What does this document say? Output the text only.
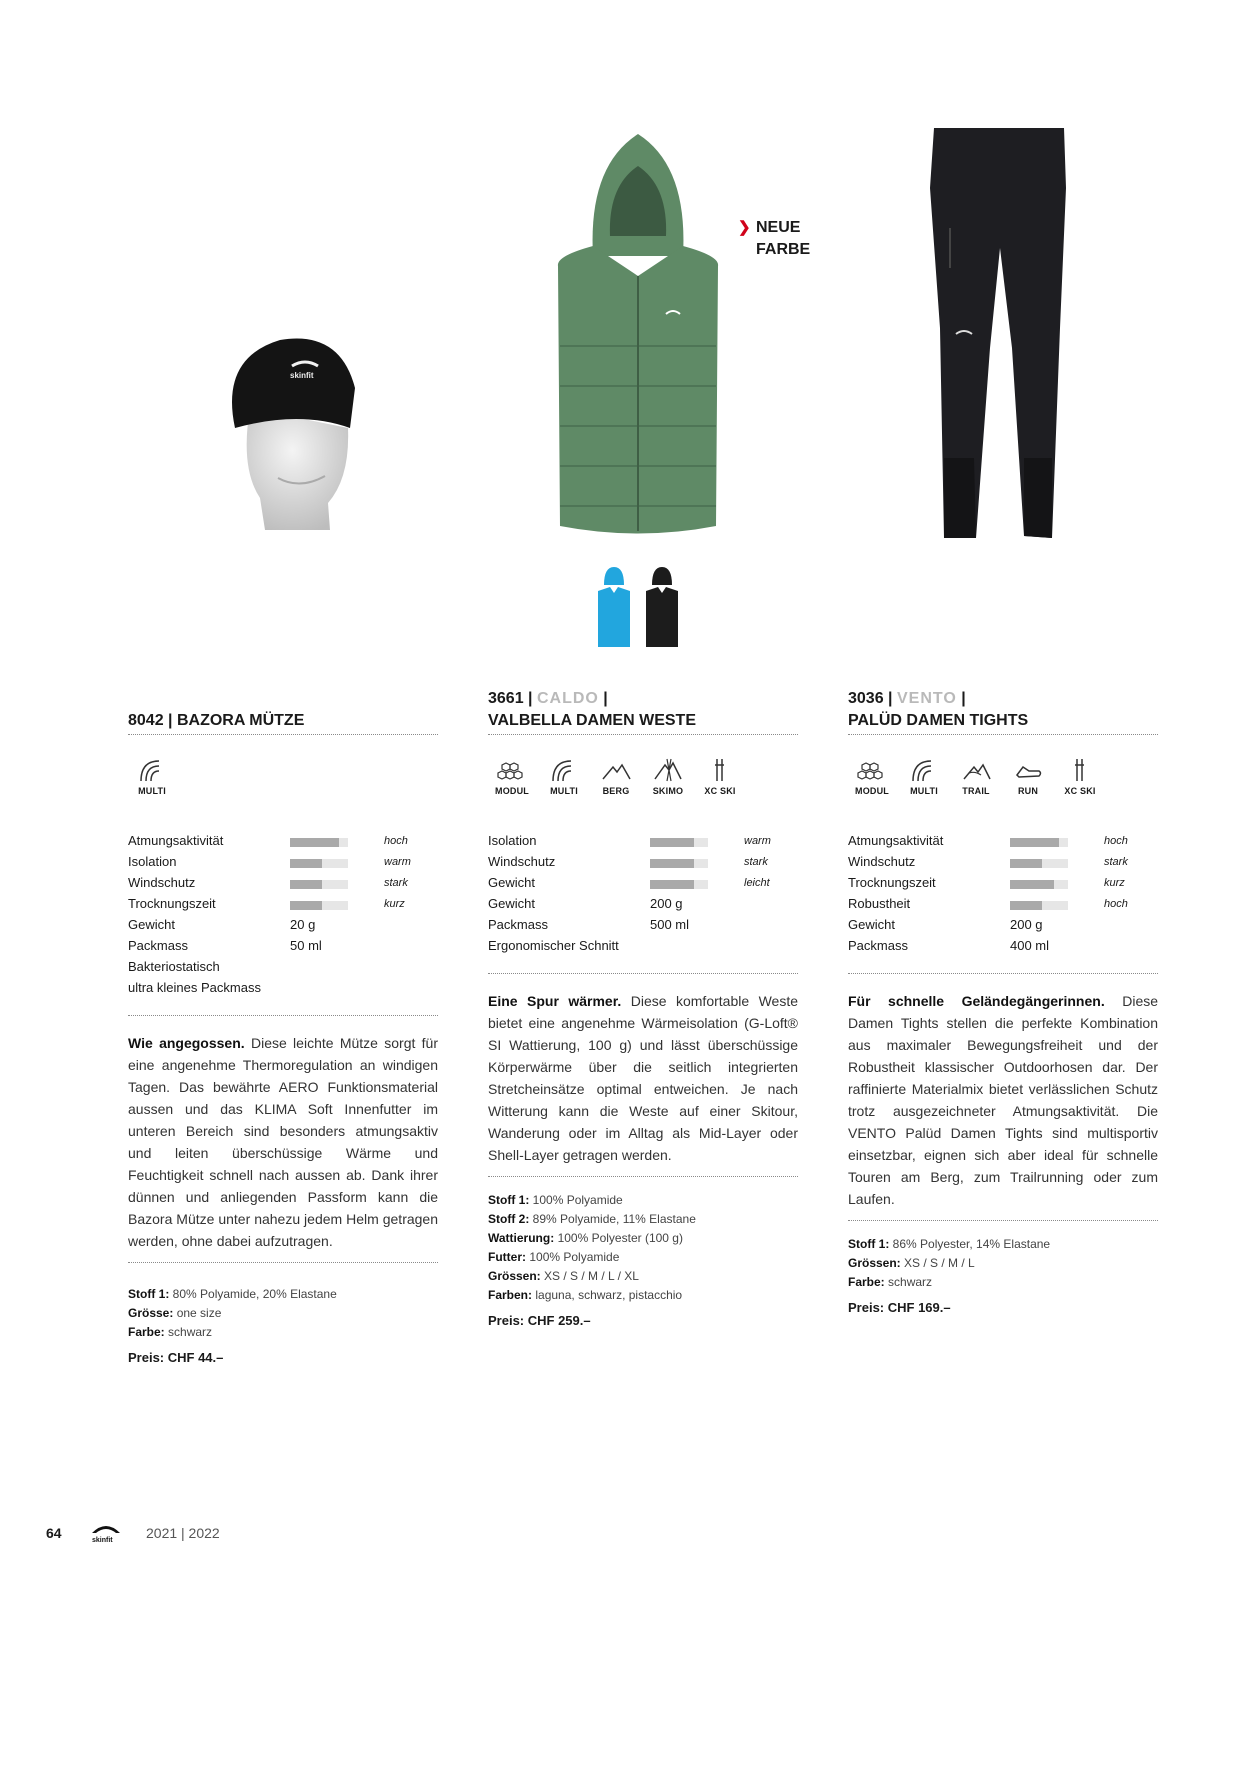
skinfit
❯ NEUE
FARBE
8042 | BAZORA MÜTZE
MULTI
Atmungsaktivität	hoch
Isolation	warm
Windschutz	stark
Trocknungszeit	kurz
Gewicht	20 g
Packmass	50 ml
Bakteriostatisch
ultra kleines Packmass
Wie angegossen. Diese leichte Mütze sorgt für eine angenehme Thermoregulation an windigen Tagen. Das bewährte AERO Funktionsmaterial aussen und das KLIMA Soft Innenfutter im unteren Bereich sind besonders atmungsaktiv und leiten überschüssige Wärme und Feuchtigkeit schnell nach aussen ab. Dank ihrer dünnen und anliegenden Passform kann die Bazora Mütze unter nahezu jedem Helm getragen werden, ohne dabei aufzutragen.
Stoff 1: 80% Polyamide, 20% Elastane
Grösse: one size
Farbe: schwarz
Preis: CHF 44.–
3661 | CALDO |
VALBELLA DAMEN WESTE
MODUL	MULTI	BERG	SKIMO	XC SKI
Isolation	warm
Windschutz	stark
Gewicht	leicht
Gewicht	200 g
Packmass	500 ml
Ergonomischer Schnitt
Eine Spur wärmer. Diese komfortable Weste bietet eine angenehme Wärmeisolation (G-Loft® SI Wattierung, 100 g) und lässt überschüssige Körperwärme über die seitlich integrierten Stretcheinsätze optimal entweichen. Je nach Witterung kann die Weste auf einer Skitour, Wanderung oder im Alltag als Mid-Layer oder Shell-Layer getragen werden.
Stoff 1: 100% Polyamide
Stoff 2: 89% Polyamide, 11% Elastane
Wattierung: 100% Polyester (100 g)
Futter: 100% Polyamide
Grössen: XS / S / M / L / XL
Farben: laguna, schwarz, pistacchio
Preis: CHF 259.–
3036 | VENTO |
PALÜD DAMEN TIGHTS
MODUL	MULTI	TRAIL	RUN	XC SKI
Atmungsaktivität	hoch
Windschutz	stark
Trocknungszeit	kurz
Robustheit	hoch
Gewicht	200 g
Packmass	400 ml
Für schnelle Geländegängerinnen. Diese Damen Tights stellen die perfekte Kombination aus maximaler Bewegungsfreiheit und der Robustheit klassischer Outdoorhosen dar. Der raffinierte Materialmix bietet verlässlichen Schutz trotz ausgezeichneter Atmungsaktivität. Die VENTO Palüd Damen Tights sind multisportiv einsetzbar, eignen sich aber ideal für schnelle Touren am Berg, zum Trailrunning oder zum Laufen.
Stoff 1: 86% Polyester, 14% Elastane
Grössen: XS / S / M / L
Farbe: schwarz
Preis: CHF 169.–
64	skinfit 2021 | 2022
